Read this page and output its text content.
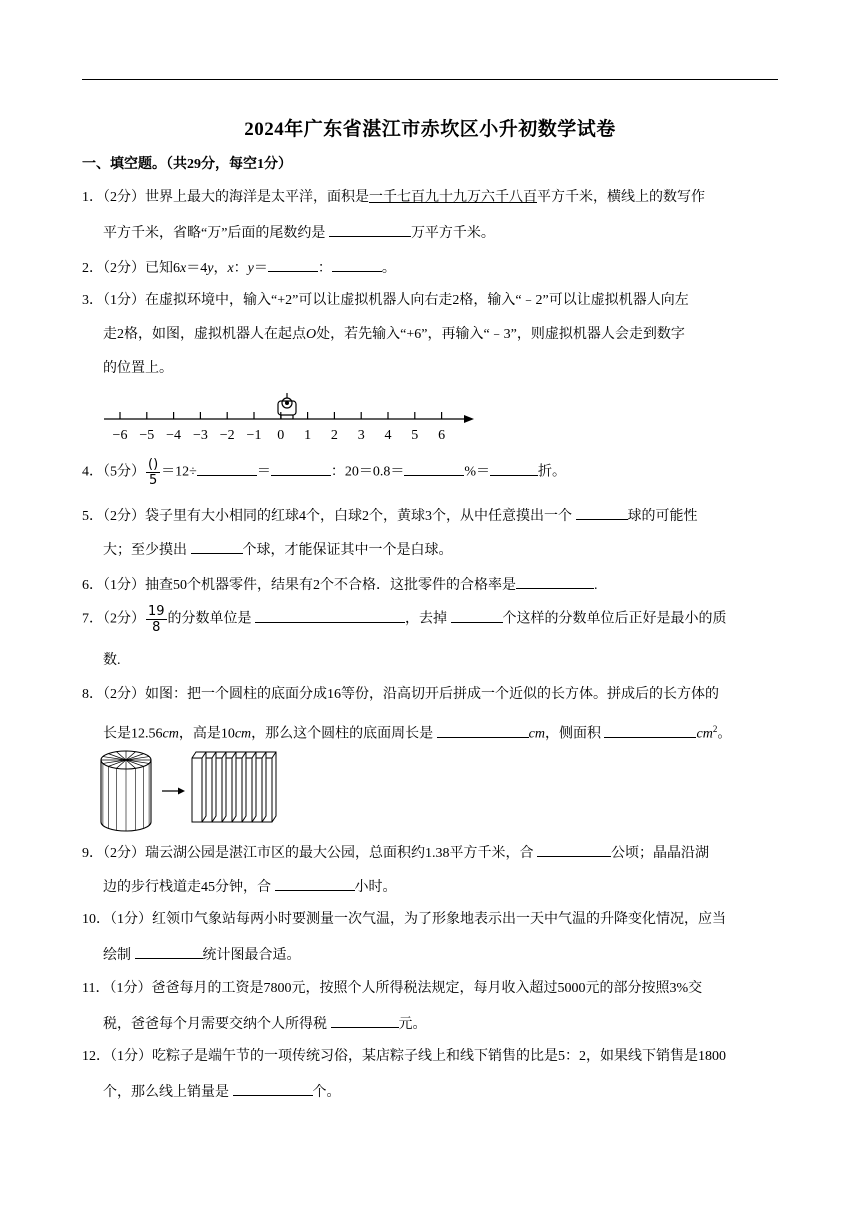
2024年广东省湛江市赤坎区小升初数学试卷
一、填空题。（共29分，每空1分）
1．（2分）世界上最大的海洋是太平洋，面积是一千七百九十九万六千八百平方千米，横线上的数写作
平方千米，省略“万”后面的尾数约是	万平方千米。
2．（2分）已知6x＝4y，x：y＝	：	。
3．（1分）在虚拟环境中，输入“+2”可以让虚拟机器人向右走2格，输入“﹣2”可以让虚拟机器人向左
走2格，如图，虚拟机器人在起点O处，若先输入“+6”，再输入“﹣3”，则虚拟机器人会走到数字
的位置上。
−6 −5 −4 −3 −2 −1 0 1 2 3 4 5 6
4．（5分） $\frac{()}{5} =12\div$	＝	：20＝0.8＝	%＝	折。
5．（2分）袋子里有大小相同的红球4个，白球2个，黄球3个，从中任意摸出一个	球的可能性
大；至少摸出	个球，才能保证其中一个是白球。
6．（1分）抽查50个机器零件，结果有2个不合格．这批零件的合格率是	.
7．（2分） $\frac{19}{8}$ 的分数单位是	，去掉	个这样的分数单位后正好是最小的质
数.
8．（2分）如图：把一个圆柱的底面分成16等份，沿高切开后拼成一个近似的长方体。拼成后的长方体的
长是12.56cm，高是10cm，那么这个圆柱的底面周长是	cm，侧面积	$cm^2$。
9．（2分）瑞云湖公园是湛江市区的最大公园，总面积约1.38平方千米，合	公顷；晶晶沿湖
边的步行栈道走45分钟，合	小时。
10．（1分）红领巾气象站每两小时要测量一次气温，为了形象地表示出一天中气温的升降变化情况，应当
绘制	统计图最合适。
11．（1分）爸爸每月的工资是7800元，按照个人所得税法规定，每月收入超过5000元的部分按照3%交
税，爸爸每个月需要交纳个人所得税	元。
12．（1分）吃粽子是端午节的一项传统习俗，某店粽子线上和线下销售的比是5：2，如果线下销售是1800
个，那么线上销量是	个。
